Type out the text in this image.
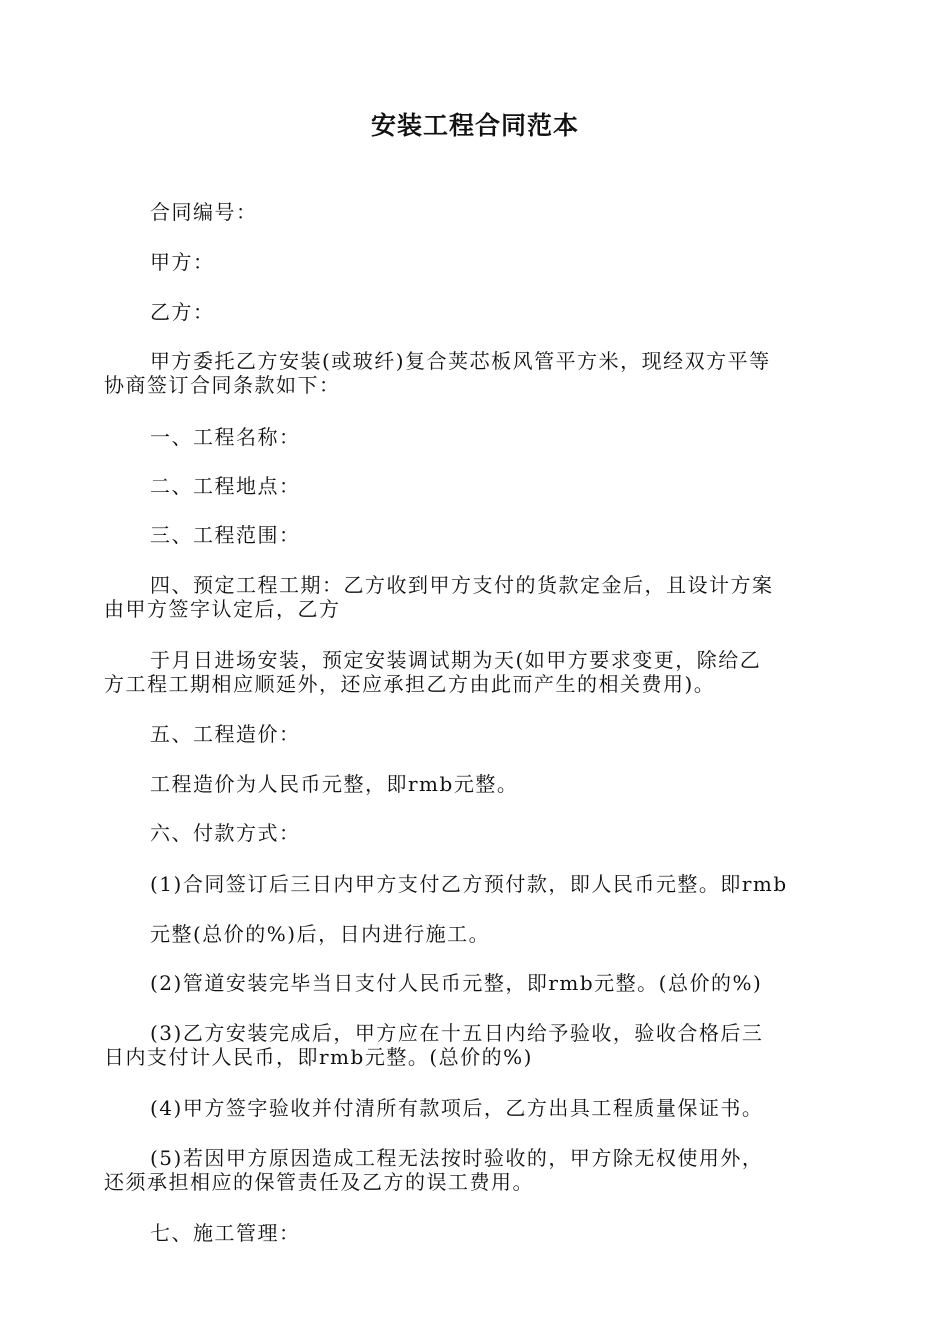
安装工程合同范本
合同编号：
甲方：
乙方：
甲方委托乙方安装(或玻纤)复合荚芯板风管平方米，现经双方平等
协商签订合同条款如下：
一、工程名称：
二、工程地点：
三、工程范围：
四、预定工程工期：乙方收到甲方支付的货款定金后，且设计方案
由甲方签字认定后，乙方
于月日进场安装，预定安装调试期为天(如甲方要求变更，除给乙
方工程工期相应顺延外，还应承担乙方由此而产生的相关费用)。
五、工程造价：
工程造价为人民币元整，即rmb元整。
六、付款方式：
(1)合同签订后三日内甲方支付乙方预付款，即人民币元整。即rmb
元整(总价的%)后，日内进行施工。
(2)管道安装完毕当日支付人民币元整，即rmb元整。(总价的%)
(3)乙方安装完成后，甲方应在十五日内给予验收，验收合格后三
日内支付计人民币，即rmb元整。(总价的%)
(4)甲方签字验收并付清所有款项后，乙方出具工程质量保证书。
(5)若因甲方原因造成工程无法按时验收的，甲方除无权使用外，
还须承担相应的保管责任及乙方的误工费用。
七、施工管理：
